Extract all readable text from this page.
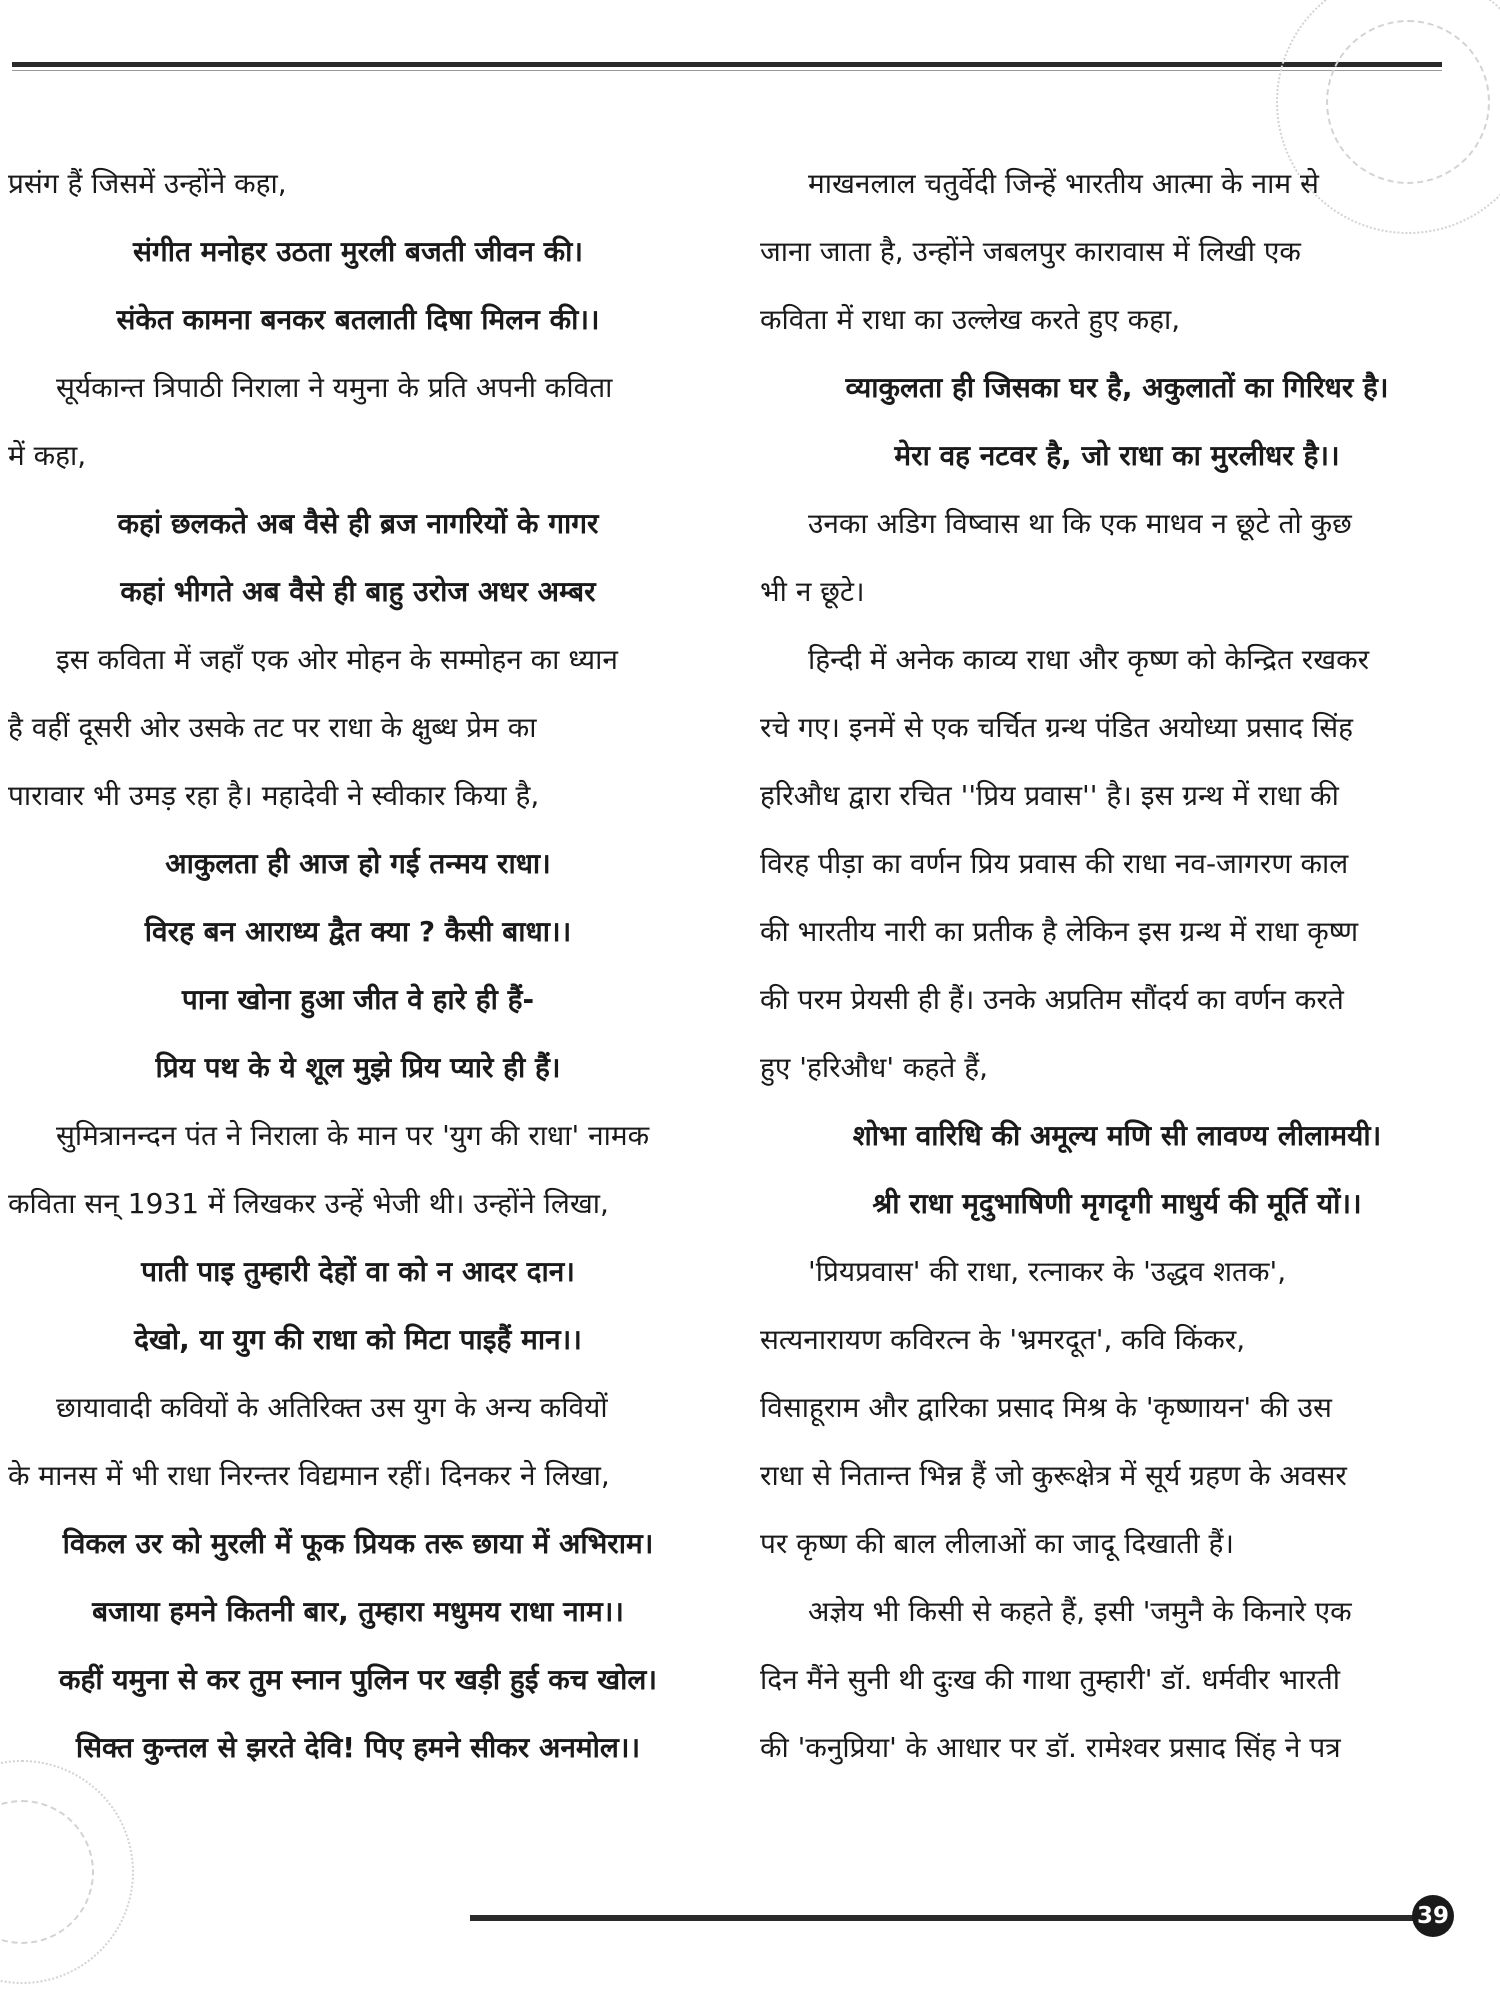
प्रसंग हैं जिसमें उन्होंने कहा,

संगीत मनोहर उठता मुरली बजती जीवन की।
संकेत कामना बनकर बतलाती दिषा मिलन की।।

सूर्यकान्त त्रिपाठी निराला ने यमुना के प्रति अपनी कविता

में कहा,

कहां छलकते अब वैसे ही ब्रज नागरियों के गागर
कहां भीगते अब वैसे ही बाहु उरोज अधर अम्बर

इस कविता में जहाँ एक ओर मोहन के सम्मोहन का ध्यान

है वहीं दूसरी ओर उसके तट पर राधा के क्षुब्ध प्रेम का

पारावार भी उमड़ रहा है। महादेवी ने स्वीकार किया है,

आकुलता ही आज हो गई तन्मय राधा।
विरह बन आराध्य द्वैत क्या ? कैसी बाधा।।
पाना खोना हुआ जीत वे हारे ही हैं-
प्रिय पथ के ये शूल मुझे प्रिय प्यारे ही हैं।

सुमित्रानन्दन पंत ने निराला के मान पर 'युग की राधा' नामक

कविता सन् 1931 में लिखकर उन्हें भेजी थी। उन्होंने लिखा,

पाती पाइ तुम्हारी देहों वा को न आदर दान।
देखो, या युग की राधा को मिटा पाइहैं मान।।

छायावादी कवियों के अतिरिक्त उस युग के अन्य कवियों

के मानस में भी राधा निरन्तर विद्यमान रहीं। दिनकर ने लिखा,

विकल उर को मुरली में फूक प्रियक तरू छाया में अभिराम।
बजाया हमने कितनी बार, तुम्हारा मधुमय राधा नाम।।
कहीं यमुना से कर तुम स्नान पुलिन पर खड़ी हुई कच खोल।
सिक्त कुन्तल से झरते देवि! पिए हमने सीकर अनमोल।।

माखनलाल चतुर्वेदी जिन्हें भारतीय आत्मा के नाम से

जाना जाता है, उन्होंने जबलपुर कारावास में लिखी एक

कविता में राधा का उल्लेख करते हुए कहा,

व्याकुलता ही जिसका घर है, अकुलातों का गिरिधर है।
मेरा वह नटवर है, जो राधा का मुरलीधर है।।

उनका अडिग विष्वास था कि एक माधव न छूटे तो कुछ

भी न छूटे।

हिन्दी में अनेक काव्य राधा और कृष्ण को केन्द्रित रखकर

रचे गए। इनमें से एक चर्चित ग्रन्थ पंडित अयोध्या प्रसाद सिंह

हरिऔध द्वारा रचित ''प्रिय प्रवास'' है। इस ग्रन्थ में राधा की

विरह पीड़ा का वर्णन प्रिय प्रवास की राधा नव-जागरण काल

की भारतीय नारी का प्रतीक है लेकिन इस ग्रन्थ में राधा कृष्ण

की परम प्रेयसी ही हैं। उनके अप्रतिम सौंदर्य का वर्णन करते

हुए 'हरिऔध' कहते हैं,

शोभा वारिधि की अमूल्य मणि सी लावण्य लीलामयी।
श्री राधा मृदुभाषिणी मृगदृगी माधुर्य की मूर्ति यों।।

'प्रियप्रवास' की राधा, रत्नाकर के 'उद्धव शतक',

सत्यनारायण कविरत्न के 'भ्रमरदूत', कवि किंकर,

विसाहूराम और द्वारिका प्रसाद मिश्र के 'कृष्णायन' की उस

राधा से नितान्त भिन्न हैं जो कुरूक्षेत्र में सूर्य ग्रहण के अवसर

पर कृष्ण की बाल लीलाओं का जादू दिखाती हैं।

अज्ञेय भी किसी से कहते हैं, इसी 'जमुनै के किनारे एक

दिन मैंने सुनी थी दुःख की गाथा तुम्हारी' डॉ. धर्मवीर भारती

की 'कनुप्रिया' के आधार पर डॉ. रामेश्वर प्रसाद सिंह ने पत्र

39
